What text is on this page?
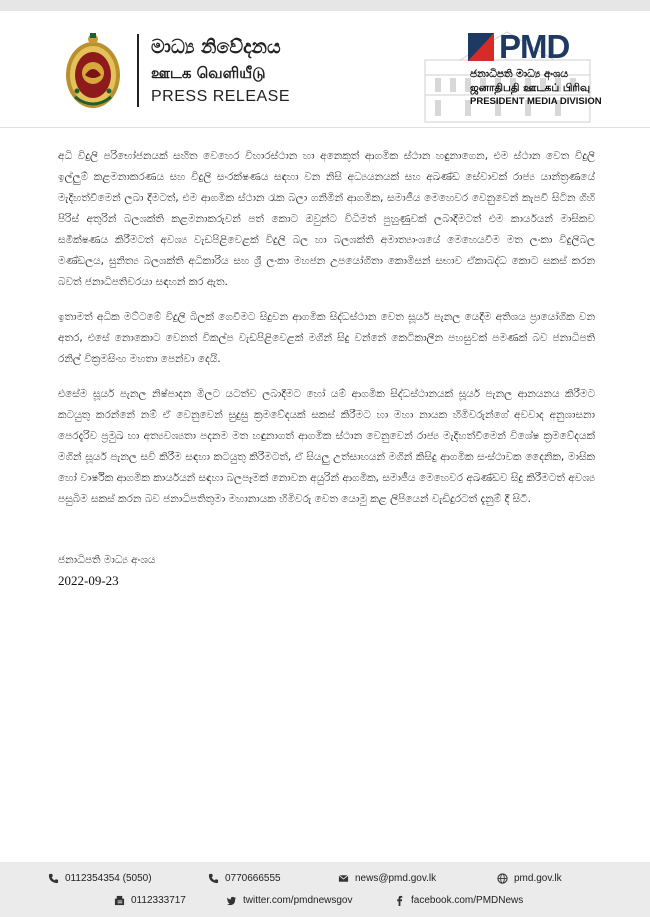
මාධ්‍ය නිවේදනය
ஊடக வெளியீடு
PRESS RELEASE
PMD
ජනාධිපති මාධ්‍ය අංශය
ஜனாதிபதி ஊடகப் பிரிவு
PRESIDENT MEDIA DIVISION

අධි විදුලි පරිභෝජනයක් සහිත වෙහෙර විහාරස්ථාන හා අනෙකුත් ආගමික ස්ථාන හඳුනාගෙන, එම ස්ථාන වෙත විදුලි ඉල්ලුම් කළමනාකරණය සහ විදුලි සංරක්ෂණය සඳහා වන නිසි අධ්‍යයනයක් සහ අඛණ්ඩ සේවාවක් රාජ්‍ය යාන්ත්‍රණයේ මැදිහත්වීමෙන් ලබා දීමටත්, එම ආගමික ස්ථාන රැක බලා ගනිමින් ආගමික, සමාජීය මෙහෙවර වෙනුවෙන් කැපවී සිටින ගිහි පිරිස් අතුරින් බලශක්ති කළමනාකරුවන් පත් කොට ඔවුන්ට විධිමත් පුහුණුවක් ලබාදීමටත් එම කාර්යයන් මාසිකව සමීක්ෂණය කිරීමටත් අවශ්‍ය වැඩපිළිවෙළක් විදුලි බල හා බලශක්ති අමාත්‍යාංශයේ මෙහෙයවීම මත ලංකා විදුලිබල මණ්ඩලය, සුනිත්‍ය බලශක්ති අධිකාරිය සහ ශ්‍රී ලංකා මහජන උපයෝගිතා කොමිසන් සභාව ඒකාබද්ධ කොට සකස් කරන බවත් ජනාධිපතිවරයා සඳහන් කර ඇත.

ඉතාමත් අධික මට්ටමේ විදුලි බිලක් ගෙවීමට සිදුවන ආගමික සිද්ධස්ථාන වෙත සූර්ය පැනල යෙදීම අතිශය ප්‍රායෝගික වන අතර, එසේ නොකොට වෙනත් විකල්ප වැඩපිළිවෙළක් මගින් සිදු වන්නේ කෙටිකාලීන පහසුවක් පමණක් බව ජනාධිපති රනිල් වික්‍රමසිංහ මහතා පෙන්වා දෙයි.

එසේම සූර්ය පැනල නිෂ්පාදන මිලට යටත්ව ලබාදීමට හෝ යම් ආගමික සිද්ධස්ථානයක් සූර්ය පැනල ආනයනය කිරීමට කටයුතු කරන්නේ නම් ඒ වෙනුවෙන් සුදුසු ක්‍රමවේදයක් සකස් කිරීමට හා මහා නායක හිමිවරුන්ගේ අවවාද අනුශාසනා පෙරදැරිව ප්‍රමුඛ හා අත්‍යවශ්‍යතා පදනම මත හඳුනාගත් ආගමික ස්ථාන වෙනුවෙන් රාජ්‍ය මැදිහත්වීමෙන් විශේෂ ක්‍රමවේදයක් මගින් සූර්ය පැනල සවි කිරීම සඳහා කටයුතු කිරීමටත්, ඒ සියලු උත්සාහයන් මගින් කිසිදු ආගමික සංස්ථාවක දෛනික, මාසික හෝ වාර්ෂික ආගමික කාර්යයන් සඳහා බලපෑමක් නොවන අයුරින් ආගමික, සමාජීය මෙහෙවර අඛණ්ඩව සිදු කිරීමටත් අවශ්‍ය පසුබිම සකස් කරන බව ජනාධිපතිතුමා මහානායක හිමිවරු වෙත යොමු කළ ලිපියෙන් වැඩිදුරටත් දැනුම් දී සිටී.

ජනාධිපති මාධ්‍ය අංශය
2022-09-23
0112354354 (5050)	0770666555	news@pmd.gov.lk	pmd.gov.lk
0112333717	twitter.com/pmdnewsgov	facebook.com/PMDNews
